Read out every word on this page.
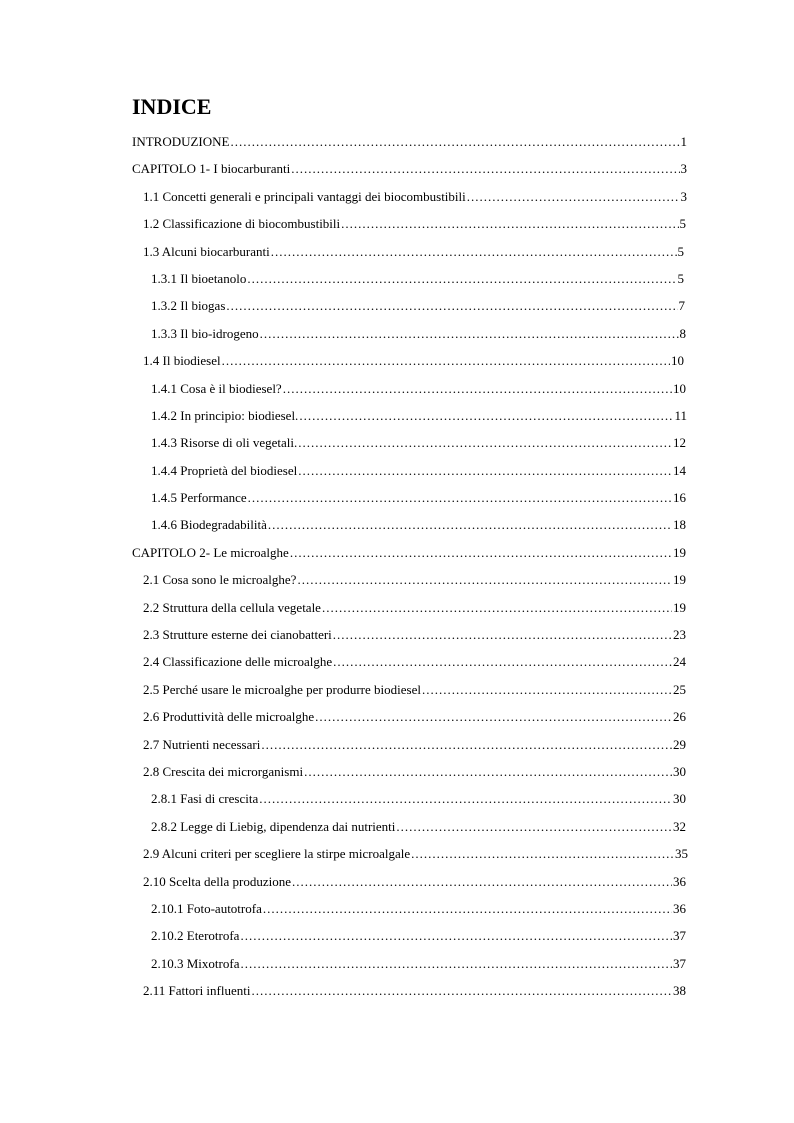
INDICE
INTRODUZIONE .....	1
CAPITOLO 1- I biocarburanti .....	3
1.1 Concetti generali e principali vantaggi dei biocombustibili .....	3
1.2 Classificazione di biocombustibili .....	5
1.3 Alcuni biocarburanti .....	5
1.3.1 Il bioetanolo .....	5
1.3.2 Il biogas .....	7
1.3.3 Il bio-idrogeno .....	8
1.4 Il biodiesel .....	10
1.4.1 Cosa è il biodiesel? .....	10
1.4.2 In principio: biodiesel. .....	11
1.4.3 Risorse di oli vegetali. .....	12
1.4.4 Proprietà del biodiesel .....	14
1.4.5 Performance .....	16
1.4.6 Biodegradabilità .....	18
CAPITOLO 2- Le microalghe .....	19
2.1 Cosa sono le microalghe? .....	19
2.2 Struttura della cellula vegetale .....	19
2.3 Strutture esterne dei cianobatteri .....	23
2.4 Classificazione delle microalghe .....	24
2.5 Perché usare le microalghe per produrre biodiesel .....	25
2.6 Produttività delle microalghe .....	26
2.7 Nutrienti necessari .....	29
2.8 Crescita dei microrganismi .....	30
2.8.1 Fasi di crescita .....	30
2.8.2 Legge di Liebig, dipendenza dai nutrienti .....	32
2.9 Alcuni criteri per scegliere la stirpe microalgale .....	35
2.10 Scelta della produzione .....	36
2.10.1 Foto-autotrofa .....	36
2.10.2 Eterotrofa .....	37
2.10.3 Mixotrofa .....	37
2.11 Fattori influenti .....	38
